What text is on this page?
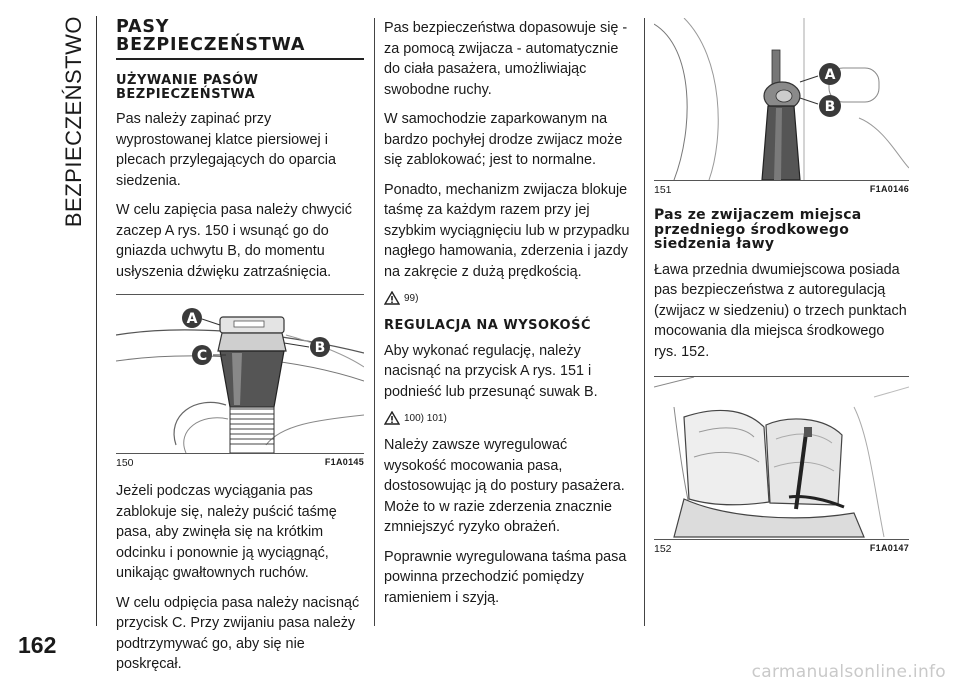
BEZPIECZEŃSTWO PASY BEZPIECZEŃSTWA
UŻYWANIE PASÓW BEZPIECZEŃSTWA

Pas należy zapinać przy wyprostowanej klatce piersiowej i plecach przylegających do oparcia siedzenia.

W celu zapięcia pasa należy chwycić zaczep A rys. 150 i wsunąć go do gniazda uchwytu B, do momentu usłyszenia dźwięku zatrzaśnięcia.

A
B
C
150	F1A0145

Jeżeli podczas wyciągania pas zablokuje się, należy puścić taśmę pasa, aby zwinęła się na krótkim odcinku i ponownie ją wyciągnąć, unikając gwałtownych ruchów.

W celu odpięcia pasa należy nacisnąć przycisk C. Przy zwijaniu pasa należy podtrzymywać go, aby się nie poskręcał.

Pas bezpieczeństwa dopasowuje się - za pomocą zwijacza - automatycznie do ciała pasażera, umożliwiając swobodne ruchy.

W samochodzie zaparkowanym na bardzo pochyłej drodze zwijacz może się zablokować; jest to normalne.

Ponadto, mechanizm zwijacza blokuje taśmę za każdym razem przy jej szybkim wyciągnięciu lub w przypadku nagłego hamowania, zderzenia i jazdy na zakręcie z dużą prędkością.

99)
REGULACJA NA WYSOKOŚĆ

Aby wykonać regulację, należy nacisnąć na przycisk A rys. 151 i podnieść lub przesunąć suwak B.

100) 101)

Należy zawsze wyregulować wysokość mocowania pasa, dostosowując ją do postury pasażera. Może to w razie zderzenia znacznie zmniejszyć ryzyko obrażeń.

Poprawnie wyregulowana taśma pasa powinna przechodzić pomiędzy ramieniem i szyją.

A
B
151	F1A0146
Pas ze zwijaczem miejsca przedniego środkowego siedzenia ławy

Ława przednia dwumiejscowa posiada pas bezpieczeństwa z autoregulacją (zwijacz w siedzeniu) o trzech punktach mocowania dla miejsca środkowego rys. 152.

152	F1A0147
162
carmanualsonline.info
